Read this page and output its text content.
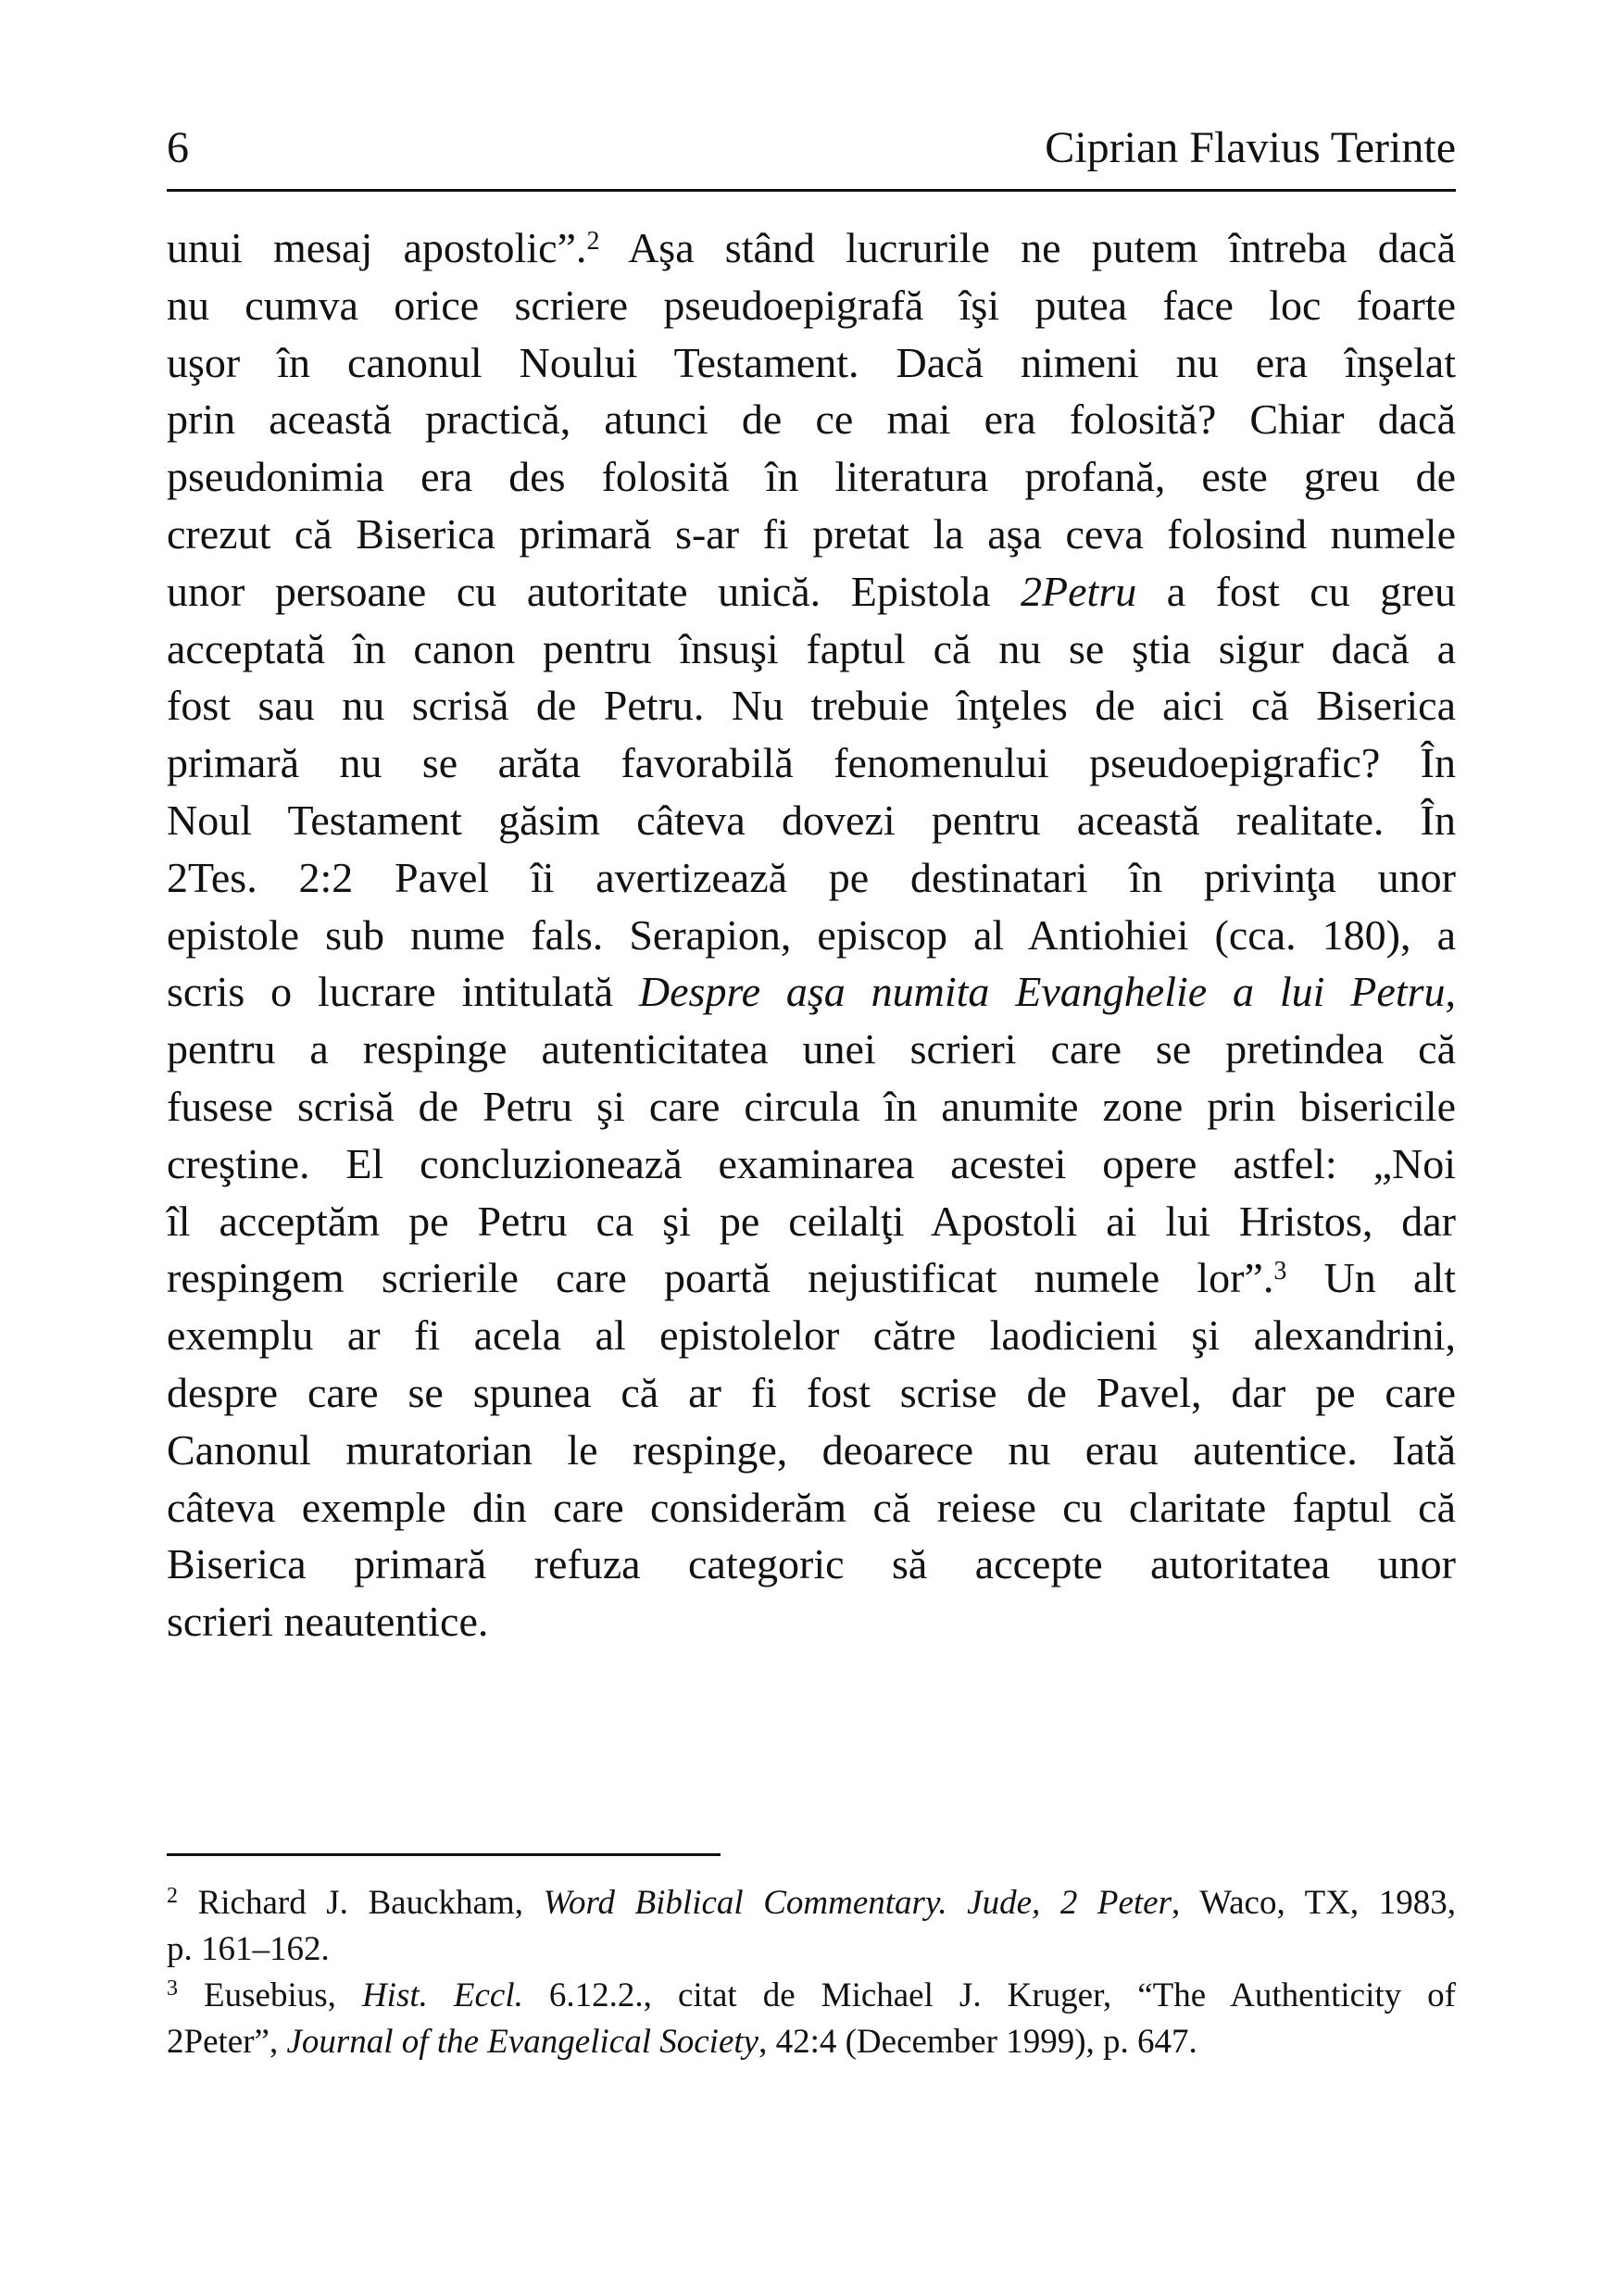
6	Ciprian Flavius Terinte
unui mesaj apostolic”.$^2$ Aşa stând lucrurile ne putem întreba dacă
nu cumva orice scriere pseudoepigrafă îşi putea face loc foarte
uşor în canonul Noului Testament. Dacă nimeni nu era înşelat
prin această practică, atunci de ce mai era folosită? Chiar dacă
pseudonimia era des folosită în literatura profană, este greu de
crezut că Biserica primară s-ar fi pretat la aşa ceva folosind numele
unor persoane cu autoritate unică. Epistola 2Petru a fost cu greu
acceptată în canon pentru însuşi faptul că nu se ştia sigur dacă a
fost sau nu scrisă de Petru. Nu trebuie înţeles de aici că Biserica
primară nu se arăta favorabilă fenomenului pseudoepigrafic? În
Noul Testament găsim câteva dovezi pentru această realitate. În
2Tes. 2:2 Pavel îi avertizează pe destinatari în privinţa unor
epistole sub nume fals. Serapion, episcop al Antiohiei (cca. 180), a
scris o lucrare intitulată Despre aşa numita Evanghelie a lui Petru,
pentru a respinge autenticitatea unei scrieri care se pretindea că
fusese scrisă de Petru şi care circula în anumite zone prin bisericile
creştine. El concluzionează examinarea acestei opere astfel: „Noi
îl acceptăm pe Petru ca şi pe ceilalţi Apostoli ai lui Hristos, dar
respingem scrierile care poartă nejustificat numele lor”.$^3$ Un alt
exemplu ar fi acela al epistolelor către laodicieni şi alexandrini,
despre care se spunea că ar fi fost scrise de Pavel, dar pe care
Canonul muratorian le respinge, deoarece nu erau autentice. Iată
câteva exemple din care considerăm că reiese cu claritate faptul că
Biserica primară refuza categoric să accepte autoritatea unor
scrieri neautentice.
$^2$ Richard J. Bauckham, Word Biblical Commentary. Jude, 2 Peter, Waco, TX, 1983,
p. 161–162.
$^3$ Eusebius, Hist. Eccl. 6.12.2., citat de Michael J. Kruger, “The Authenticity of
2Peter”, Journal of the Evangelical Society, 42:4 (December 1999), p. 647.
